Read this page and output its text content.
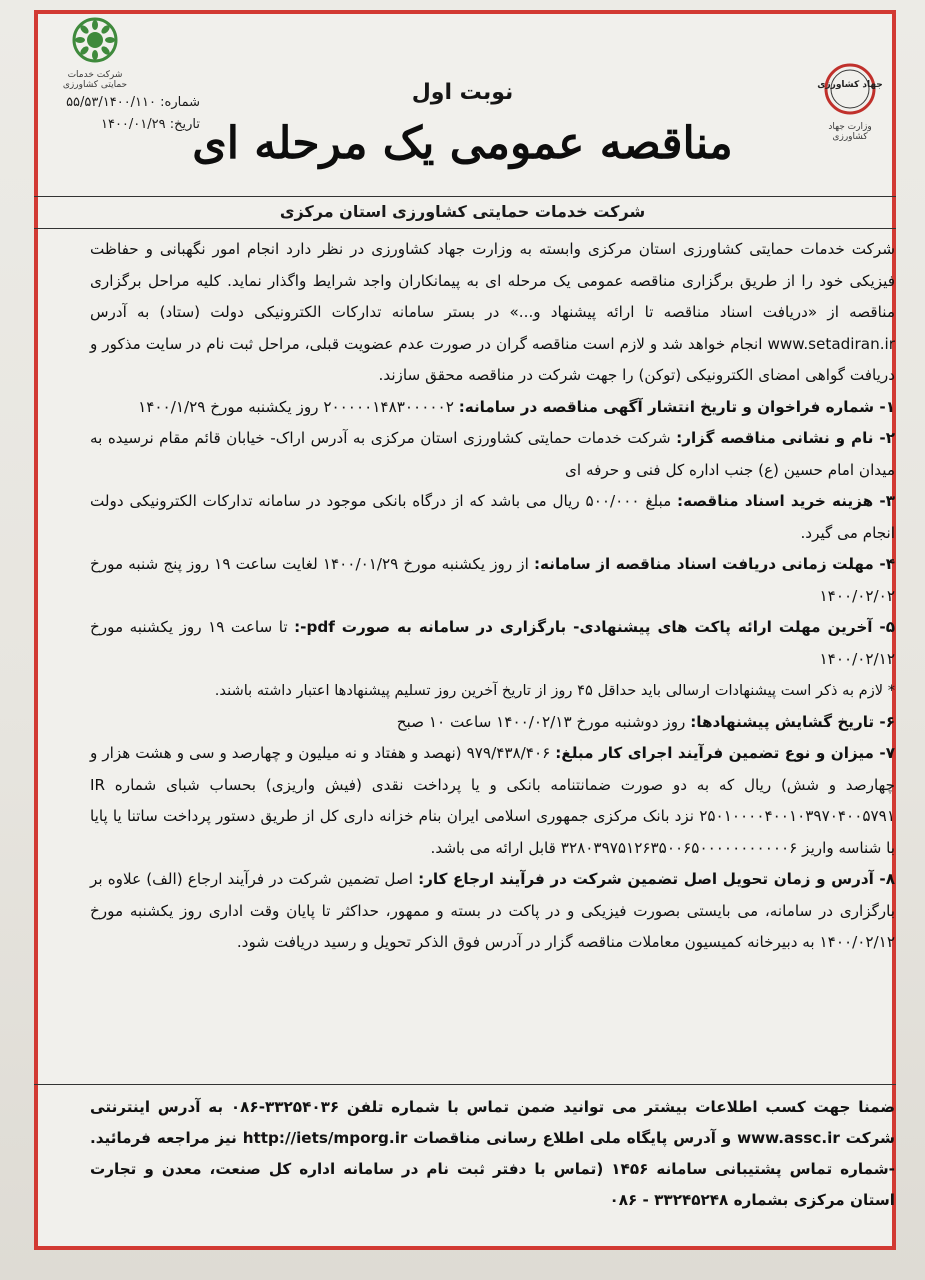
شرکت خدمات حمایتی کشاورزی	جهاد کشاورزی
وزارت جهاد کشاورزی
شماره: ۵۵/۵۳/۱۴۰۰/۱۱۰
تاریخ: ۱۴۰۰/۰۱/۲۹
نوبت اول
مناقصه عمومی یک مرحله ای
شرکت خدمات حمایتی کشاورزی استان مرکزی

شرکت خدمات حمایتی کشاورزی استان مرکزی وابسته به وزارت جهاد کشاورزی در نظر دارد انجام امور نگهبانی و حفاظت فیزیکی خود را از طریق برگزاری مناقصه عمومی یک مرحله ای به پیمانکاران واجد شرایط واگذار نماید. کلیه مراحل برگزاری مناقصه از «دریافت اسناد مناقصه تا ارائه پیشنهاد و...» در بستر سامانه تدارکات الکترونیکی دولت (ستاد) به آدرس www.setadiran.ir انجام خواهد شد و لازم است مناقصه گران در صورت عدم عضویت قبلی، مراحل ثبت نام در سایت مذکور و دریافت گواهی امضای الکترونیکی (توکن) را جهت شرکت در مناقصه محقق سازند.

۱- شماره فراخوان و تاریخ انتشار آگهی مناقصه در سامانه: ۲۰۰۰۰۰۱۴۸۳۰۰۰۰۰۲ روز یکشنبه مورخ ۱۴۰۰/۱/۲۹

۲- نام و نشانی مناقصه گزار: شرکت خدمات حمایتی کشاورزی استان مرکزی به آدرس اراک- خیابان قائم مقام نرسیده به میدان امام حسین (ع) جنب اداره کل فنی و حرفه ای

۳- هزینه خرید اسناد مناقصه: مبلغ ۵۰۰/۰۰۰ ریال می باشد که از درگاه بانکی موجود در سامانه تدارکات الکترونیکی دولت انجام می گیرد.

۴- مهلت زمانی دریافت اسناد مناقصه از سامانه: از روز یکشنبه مورخ ۱۴۰۰/۰۱/۲۹ لغایت ساعت ۱۹ روز پنج شنبه مورخ ۱۴۰۰/۰۲/۰۲

۵- آخرین مهلت ارائه پاکت های پیشنهادی- بارگزاری در سامانه به صورت pdf-: تا ساعت ۱۹ روز یکشنبه مورخ ۱۴۰۰/۰۲/۱۲

* لازم به ذکر است پیشنهادات ارسالی باید حداقل ۴۵ روز از تاریخ آخرین روز تسلیم پیشنهادها اعتبار داشته باشند.

۶- تاریخ گشایش پیشنهادها: روز دوشنبه مورخ ۱۴۰۰/۰۲/۱۳ ساعت ۱۰ صبح

۷- میزان و نوع تضمین فرآیند اجرای کار مبلغ: ۹۷۹/۴۳۸/۴۰۶ (نهصد و هفتاد و نه میلیون و چهارصد و سی و هشت هزار و چهارصد و شش) ریال که به دو صورت ضمانتنامه بانکی و یا پرداخت نقدی (فیش واریزی) بحساب شبای شماره IR ۲۵۰۱۰۰۰۰۴۰۰۱۰۳۹۷۰۴۰۰۵۷۹۱ نزد بانک مرکزی جمهوری اسلامی ایران بنام خزانه داری کل از طریق دستور پرداخت ساتنا یا پایا با شناسه واریز ۳۲۸۰۳۹۷۵۱۲۶۳۵۰۰۶۵۰۰۰۰۰۰۰۰۰۰۰۶ قابل ارائه می باشد.

۸- آدرس و زمان تحویل اصل تضمین شرکت در فرآیند ارجاع کار: اصل تضمین شرکت در فرآیند ارجاع (الف) علاوه بر بارگزاری در سامانه، می بایستی بصورت فیزیکی و در پاکت در بسته و ممهور، حداکثر تا پایان وقت اداری روز یکشنبه مورخ ۱۴۰۰/۰۲/۱۲ به دبیرخانه کمیسیون معاملات مناقصه گزار در آدرس فوق الذکر تحویل و رسید دریافت شود.

ضمنا جهت کسب اطلاعات بیشتر می توانید ضمن تماس با شماره تلفن ۳۳۲۵۴۰۳۶-۰۸۶ به آدرس اینترنتی شرکت www.assc.ir و آدرس پایگاه ملی اطلاع رسانی مناقصات http://iets/mporg.ir نیز مراجعه فرمائید. -شماره تماس پشتیبانی سامانه ۱۴۵۶ (تماس با دفتر ثبت نام در سامانه اداره کل صنعت، معدن و تجارت استان مرکزی بشماره ۳۳۲۴۵۲۴۸ - ۰۸۶
